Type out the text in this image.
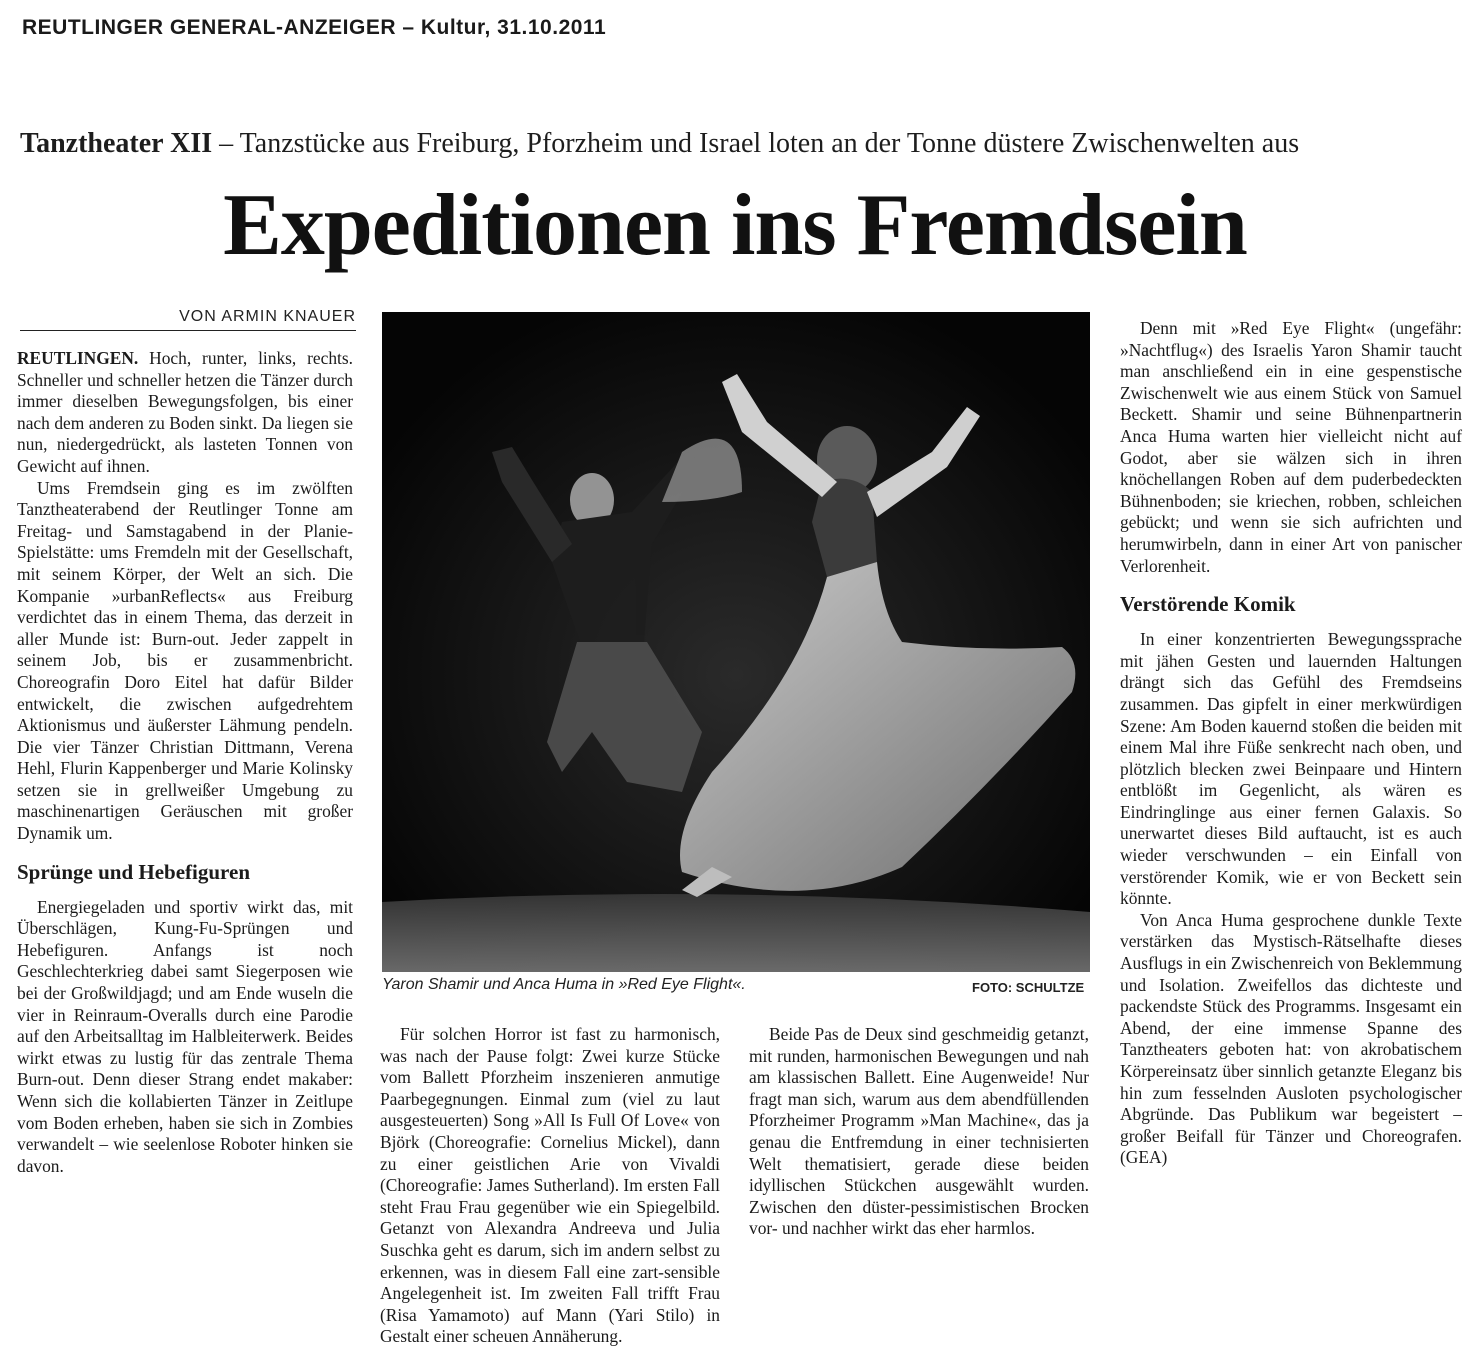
REUTLINGER GENERAL-ANZEIGER – Kultur, 31.10.2011
Tanztheater XII – Tanzstücke aus Freiburg, Pforzheim und Israel loten an der Tonne düstere Zwischenwelten aus
Expeditionen ins Fremdsein
VON ARMIN KNAUER

REUTLINGEN. Hoch, runter, links, rechts. Schneller und schneller hetzen die Tänzer durch immer dieselben Bewegungsfolgen, bis einer nach dem anderen zu Boden sinkt. Da liegen sie nun, niedergedrückt, als lasteten Tonnen von Gewicht auf ihnen.

Ums Fremdsein ging es im zwölften Tanztheaterabend der Reutlinger Tonne am Freitag- und Samstagabend in der Planie-Spielstätte: ums Fremdeln mit der Gesellschaft, mit seinem Körper, der Welt an sich. Die Kompanie »urbanReflects« aus Freiburg verdichtet das in einem Thema, das derzeit in aller Munde ist: Burn-out. Jeder zappelt in seinem Job, bis er zusammenbricht. Choreografin Doro Eitel hat dafür Bilder entwickelt, die zwischen aufgedrehtem Aktionismus und äußerster Lähmung pendeln. Die vier Tänzer Christian Dittmann, Verena Hehl, Flurin Kappenberger und Marie Kolinsky setzen sie in grellweißer Umgebung zu maschinenartigen Geräuschen mit großer Dynamik um.

Sprünge und Hebefiguren

Energiegeladen und sportiv wirkt das, mit Überschlägen, Kung-Fu-Sprüngen und Hebefiguren. Anfangs ist noch Geschlechterkrieg dabei samt Siegerposen wie bei der Großwildjagd; und am Ende wuseln die vier in Reinraum-Overalls durch eine Parodie auf den Arbeitsalltag im Halbleiterwerk. Beides wirkt etwas zu lustig für das zentrale Thema Burn-out. Denn dieser Strang endet makaber: Wenn sich die kollabierten Tänzer in Zeitlupe vom Boden erheben, haben sie sich in Zombies verwandelt – wie seelenlose Roboter hinken sie davon.

Yaron Shamir und Anca Huma in »Red Eye Flight«.	FOTO: SCHULTZE

Für solchen Horror ist fast zu harmonisch, was nach der Pause folgt: Zwei kurze Stücke vom Ballett Pforzheim inszenieren anmutige Paarbegegnungen. Einmal zum (viel zu laut ausgesteuerten) Song »All Is Full Of Love« von Björk (Choreografie: Cornelius Mickel), dann zu einer geistlichen Arie von Vivaldi (Choreografie: James Sutherland). Im ersten Fall steht Frau Frau gegenüber wie ein Spiegelbild. Getanzt von Alexandra Andreeva und Julia Suschka geht es darum, sich im andern selbst zu erkennen, was in diesem Fall eine zart-sensible Angelegenheit ist. Im zweiten Fall trifft Frau (Risa Yamamoto) auf Mann (Yari Stilo) in Gestalt einer scheuen Annäherung.

Beide Pas de Deux sind geschmeidig getanzt, mit runden, harmonischen Bewegungen und nah am klassischen Ballett. Eine Augenweide! Nur fragt man sich, warum aus dem abendfüllenden Pforzheimer Programm »Man Machine«, das ja genau die Entfremdung in einer technisierten Welt thematisiert, gerade diese beiden idyllischen Stückchen ausgewählt wurden. Zwischen den düster-pessimistischen Brocken vor- und nachher wirkt das eher harmlos.

Denn mit »Red Eye Flight« (ungefähr: »Nachtflug«) des Israelis Yaron Shamir taucht man anschließend ein in eine gespenstische Zwischenwelt wie aus einem Stück von Samuel Beckett. Shamir und seine Bühnenpartnerin Anca Huma warten hier vielleicht nicht auf Godot, aber sie wälzen sich in ihren knöchellangen Roben auf dem puderbedeckten Bühnenboden; sie kriechen, robben, schleichen gebückt; und wenn sie sich aufrichten und herumwirbeln, dann in einer Art von panischer Verlorenheit.

Verstörende Komik

In einer konzentrierten Bewegungssprache mit jähen Gesten und lauernden Haltungen drängt sich das Gefühl des Fremdseins zusammen. Das gipfelt in einer merkwürdigen Szene: Am Boden kauernd stoßen die beiden mit einem Mal ihre Füße senkrecht nach oben, und plötzlich blecken zwei Beinpaare und Hintern entblößt im Gegenlicht, als wären es Eindringlinge aus einer fernen Galaxis. So unerwartet dieses Bild auftaucht, ist es auch wieder verschwunden – ein Einfall von verstörender Komik, wie er von Beckett sein könnte.

Von Anca Huma gesprochene dunkle Texte verstärken das Mystisch-Rätselhafte dieses Ausflugs in ein Zwischenreich von Beklemmung und Isolation. Zweifellos das dichteste und packendste Stück des Programms. Insgesamt ein Abend, der eine immense Spanne des Tanztheaters geboten hat: von akrobatischem Körpereinsatz über sinnlich getanzte Eleganz bis hin zum fesselnden Ausloten psychologischer Abgründe. Das Publikum war begeistert – großer Beifall für Tänzer und Choreografen. (GEA)
